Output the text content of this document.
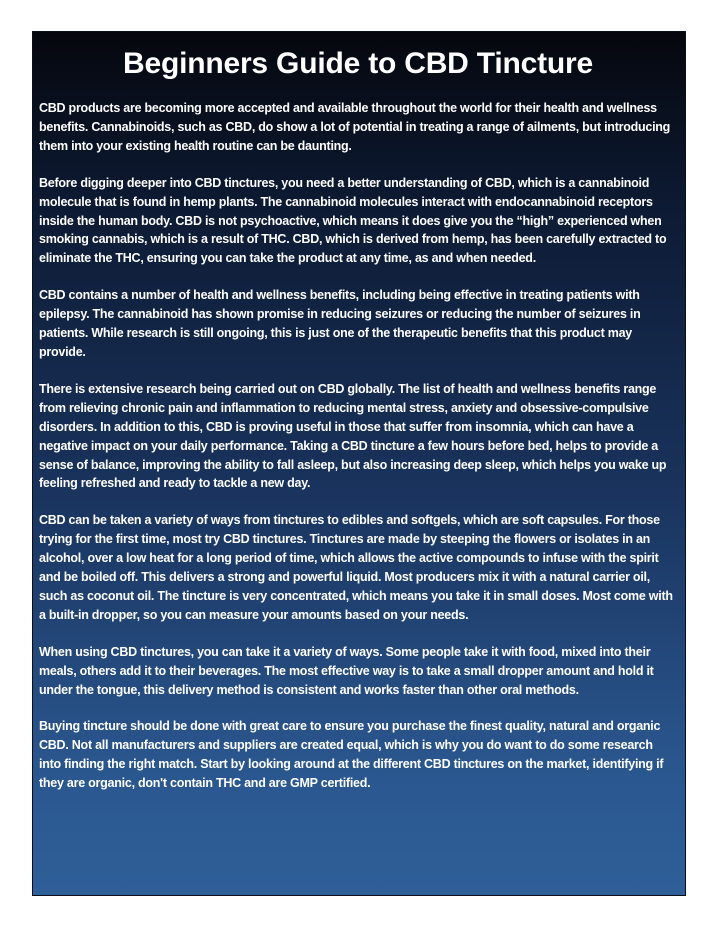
Beginners Guide to CBD Tincture

CBD products are becoming more accepted and available throughout the world for their health and wellness benefits. Cannabinoids, such as CBD, do show a lot of potential in treating a range of ailments, but introducing them into your existing health routine can be daunting.

Before digging deeper into CBD tinctures, you need a better understanding of CBD, which is a cannabinoid molecule that is found in hemp plants. The cannabinoid molecules interact with endocannabinoid receptors inside the human body. CBD is not psychoactive, which means it does give you the “high” experienced when smoking cannabis, which is a result of THC. CBD, which is derived from hemp, has been carefully extracted to eliminate the THC, ensuring you can take the product at any time, as and when needed.

CBD contains a number of health and wellness benefits, including being effective in treating patients with epilepsy. The cannabinoid has shown promise in reducing seizures or reducing the number of seizures in patients. While research is still ongoing, this is just one of the therapeutic benefits that this product may provide.

There is extensive research being carried out on CBD globally. The list of health and wellness benefits range from relieving chronic pain and inflammation to reducing mental stress, anxiety and obsessive-compulsive disorders. In addition to this, CBD is proving useful in those that suffer from insomnia, which can have a negative impact on your daily performance. Taking a CBD tincture a few hours before bed, helps to provide a sense of balance, improving the ability to fall asleep, but also increasing deep sleep, which helps you wake up feeling refreshed and ready to tackle a new day.

CBD can be taken a variety of ways from tinctures to edibles and softgels, which are soft capsules. For those trying for the first time, most try CBD tinctures. Tinctures are made by steeping the flowers or isolates in an alcohol, over a low heat for a long period of time, which allows the active compounds to infuse with the spirit and be boiled off. This delivers a strong and powerful liquid. Most producers mix it with a natural carrier oil, such as coconut oil. The tincture is very concentrated, which means you take it in small doses. Most come with a built-in dropper, so you can measure your amounts based on your needs.

When using CBD tinctures, you can take it a variety of ways. Some people take it with food, mixed into their meals, others add it to their beverages. The most effective way is to take a small dropper amount and hold it under the tongue, this delivery method is consistent and works faster than other oral methods.

Buying tincture should be done with great care to ensure you purchase the finest quality, natural and organic CBD. Not all manufacturers and suppliers are created equal, which is why you do want to do some research into finding the right match. Start by looking around at the different CBD tinctures on the market, identifying if they are organic, don't contain THC and are GMP certified.
